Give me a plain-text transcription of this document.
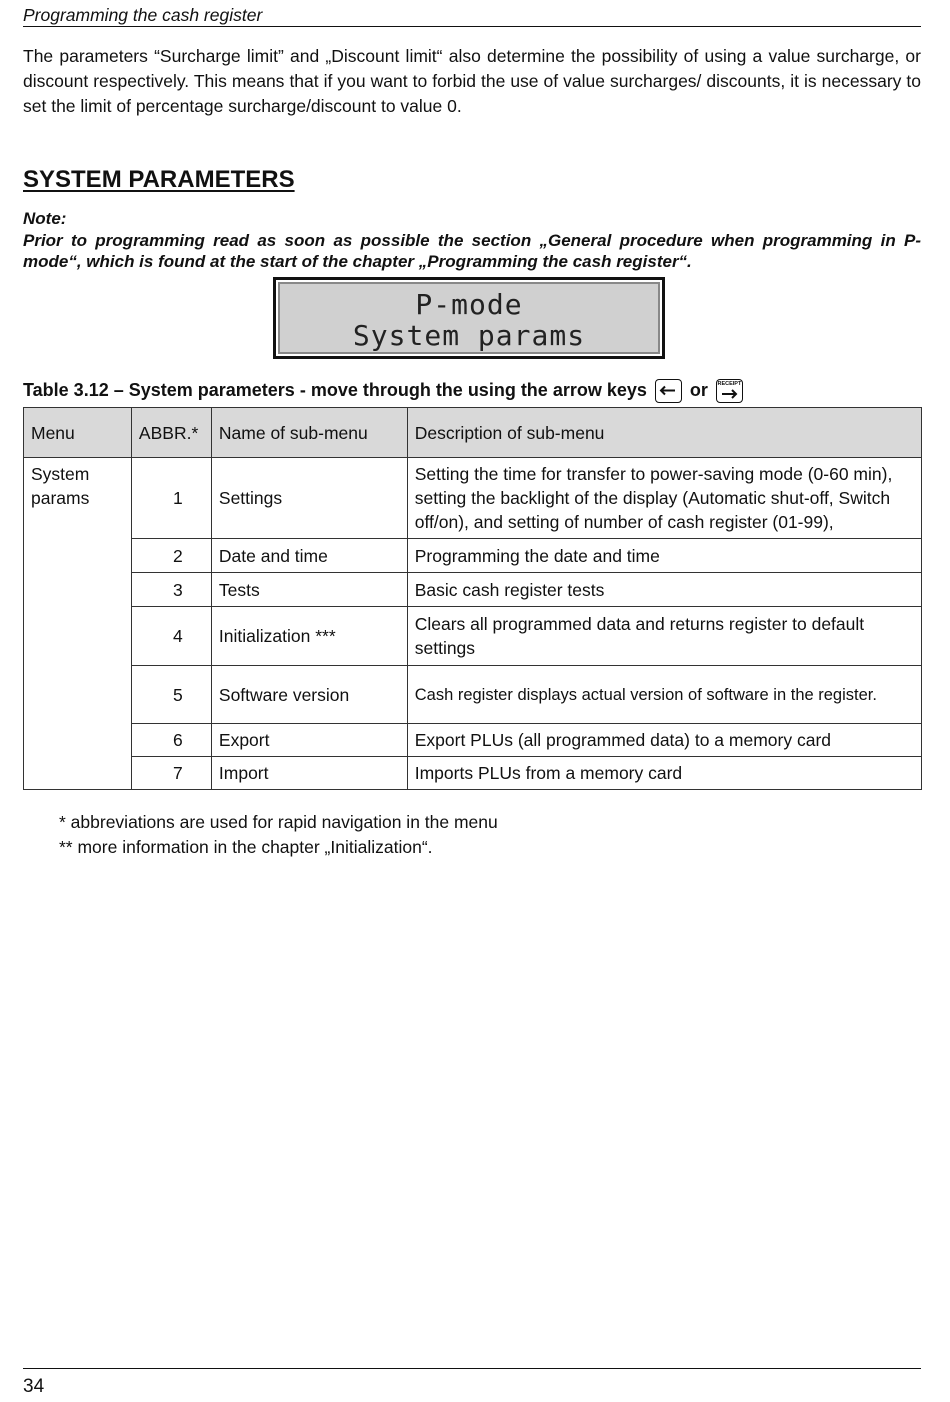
Programming the cash register

The parameters “Surcharge limit” and „Discount limit“ also determine the possibility of using a value surcharge, or discount respectively. This means that if you want to forbid the use of value surcharges/ discounts, it is necessary to set the limit of percentage surcharge/discount to value 0.

SYSTEM PARAMETERS
Note:

Prior to programming read as soon as possible the section „General procedure when programming in P-mode“, which is found at the start of the chapter „Programming the cash register“.

P-mode
System params
Table 3.12 – System parameters - move through the using the arrow keys or RECEIPT
Menu	ABBR.*	Name of sub-menu	Description of sub-menu
System params	1	Settings	Setting the time for transfer to power-saving mode (0-60 min), setting the backlight of the display (Automatic shut-off, Switch off/on), and setting of number of cash register (01-99),
	2	Date and time	Programming the date and time
	3	Tests	Basic cash register tests
	4	Initialization ***	Clears all programmed data and returns register to default settings
	5	Software version	Cash register displays actual version of software in the register.
	6	Export	Export PLUs (all programmed data) to a memory card
	7	Import	Imports PLUs from a memory card
* abbreviations are used for rapid navigation in the menu
** more information in the chapter „Initialization“.
34
